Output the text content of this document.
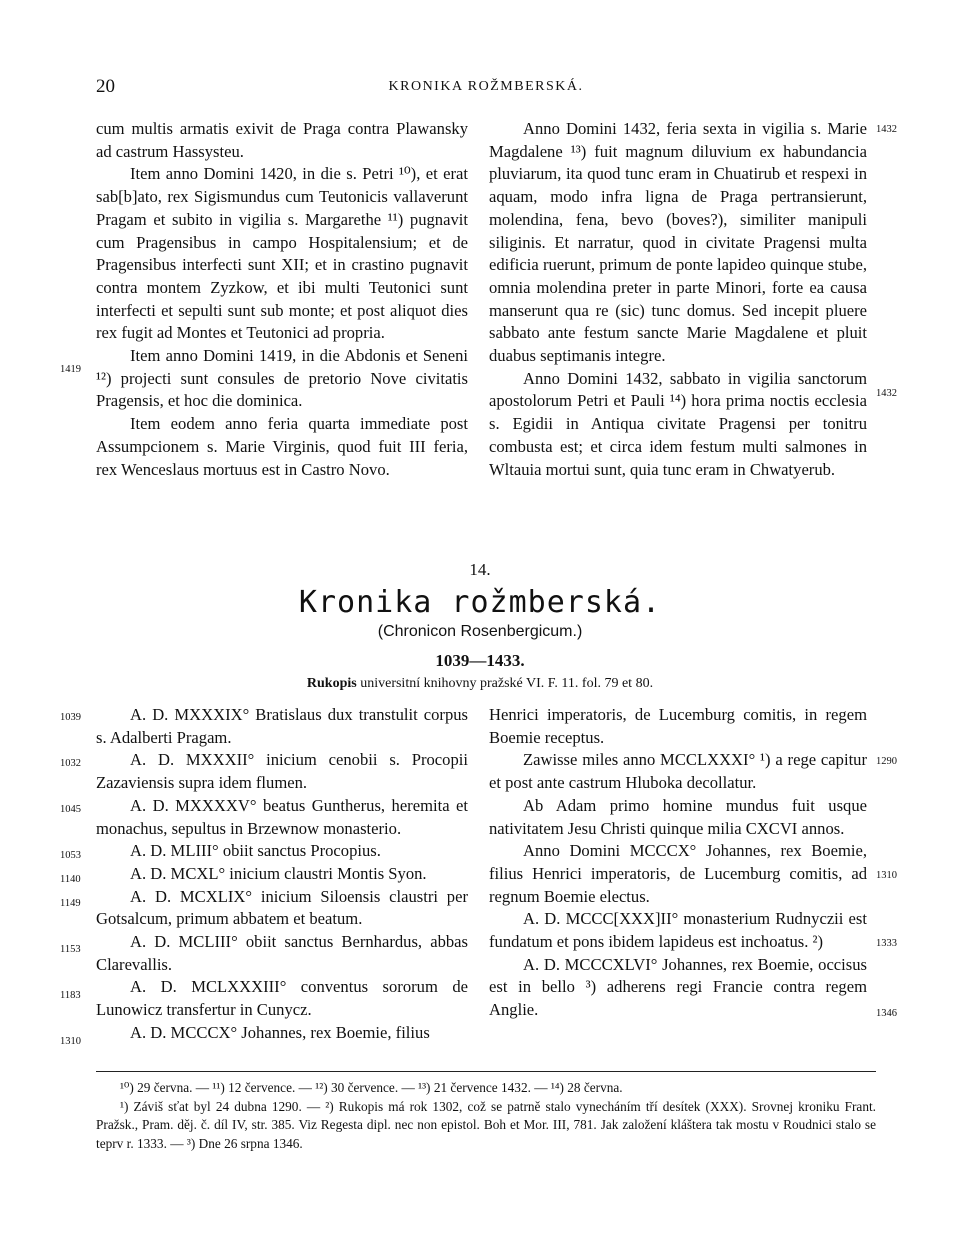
20	KRONIKA ROŽMBERSKÁ.

cum multis armatis exivit de Praga contra Plawansky ad castrum Hassysteu.

Item anno Domini 1420, in die s. Petri ¹⁰), et erat sab[b]ato, rex Sigismundus cum Teutonicis vallaverunt Pragam et subito in vigilia s. Margarethe ¹¹) pugnavit cum Pragensibus in campo Hospitalensium; et de Pragensibus interfecti sunt XII; et in crastino pugnavit contra montem Zyzkow, et ibi multi Teutonici sunt interfecti et sepulti sunt sub monte; et post aliquot dies rex fugit ad Montes et Teutonici ad propria.

Item anno Domini 1419, in die Abdonis et Seneni ¹²) projecti sunt consules de pretorio Nove civitatis Pragensis, et hoc die dominica.

Item eodem anno feria quarta immediate post Assumpcionem s. Marie Virginis, quod fuit III feria, rex Wenceslaus mortuus est in Castro Novo.

1419

Anno Domini 1432, feria sexta in vigilia s. Marie Magdalene ¹³) fuit magnum diluvium ex habundancia pluviarum, ita quod tunc eram in Chuatirub et respexi in aquam, modo infra ligna de Praga pertransierunt, molendina, fena, bevo (boves?), similiter manipuli siliginis. Et narratur, quod in civitate Pragensi multa edificia ruerunt, primum de ponte lapideo quinque stube, omnia molendina preter in parte Minori, forte ea causa manserunt qua re (sic) tunc domus. Sed incepit pluere sabbato ante festum sancte Marie Magdalene et pluit duabus septimanis integre.

Anno Domini 1432, sabbato in vigilia sanctorum apostolorum Petri et Pauli ¹⁴) hora prima noctis ecclesia s. Egidii in Antiqua civitate Pragensi per tonitru combusta est; et circa idem festum multi salmones in Wltauia mortui sunt, quia tunc eram in Chwatyerub.

1432
1432
14.
Kronika rožmberská.
(Chronicon Rosenbergicum.)
1039—1433.
Rukopis universitní knihovny pražské VI. F. 11. fol. 79 et 80.

A. D. MXXXIX° Bratislaus dux transtulit corpus s. Adalberti Pragam.

A. D. MXXXII° inicium cenobii s. Procopii Zazaviensis supra idem flumen.

A. D. MXXXXV° beatus Guntherus, heremita et monachus, sepultus in Brzewnow monasterio.

A. D. MLIII° obiit sanctus Procopius.

A. D. MCXL° inicium claustri Montis Syon.

A. D. MCXLIX° inicium Siloensis claustri per Gotsalcum, primum abbatem et beatum.

A. D. MCLIII° obiit sanctus Bernhardus, abbas Clarevallis.

A. D. MCLXXXIII° conventus sororum de Lunowicz transfertur in Cunycz.

A. D. MCCCX° Johannes, rex Boemie, filius

1039
1032
1045
1053
1140
1149
1153
1183
1310

Henrici imperatoris, de Lucemburg comitis, in regem Boemie receptus.

Zawisse miles anno MCCLXXXI° ¹) a rege capitur et post ante castrum Hluboka decollatur.

Ab Adam primo homine mundus fuit usque nativitatem Jesu Christi quinque milia CXCVI annos.

Anno Domini MCCCX° Johannes, rex Boemie, filius Henrici imperatoris, de Lucemburg comitis, ad regnum Boemie electus.

A. D. MCCC[XXX]II° monasterium Rudnyczii est fundatum et pons ibidem lapideus est inchoatus. ²)

A. D. MCCCXLVI° Johannes, rex Boemie, occisus est in bello ³) adherens regi Francie contra regem Anglie.

1290
1310
1333
1346

¹⁰) 29 června. — ¹¹) 12 července. — ¹²) 30 července. — ¹³) 21 července 1432. — ¹⁴) 28 června.

¹) Záviš sťat byl 24 dubna 1290. — ²) Rukopis má rok 1302, což se patrně stalo vynecháním tří desítek (XXX). Srovnej kroniku Frant. Pražsk., Pram. děj. č. díl IV, str. 385. Viz Regesta dipl. nec non epistol. Boh et Mor. III, 781. Jak založení kláštera tak mostu v Roudnici stalo se teprv r. 1333. — ³) Dne 26 srpna 1346.
